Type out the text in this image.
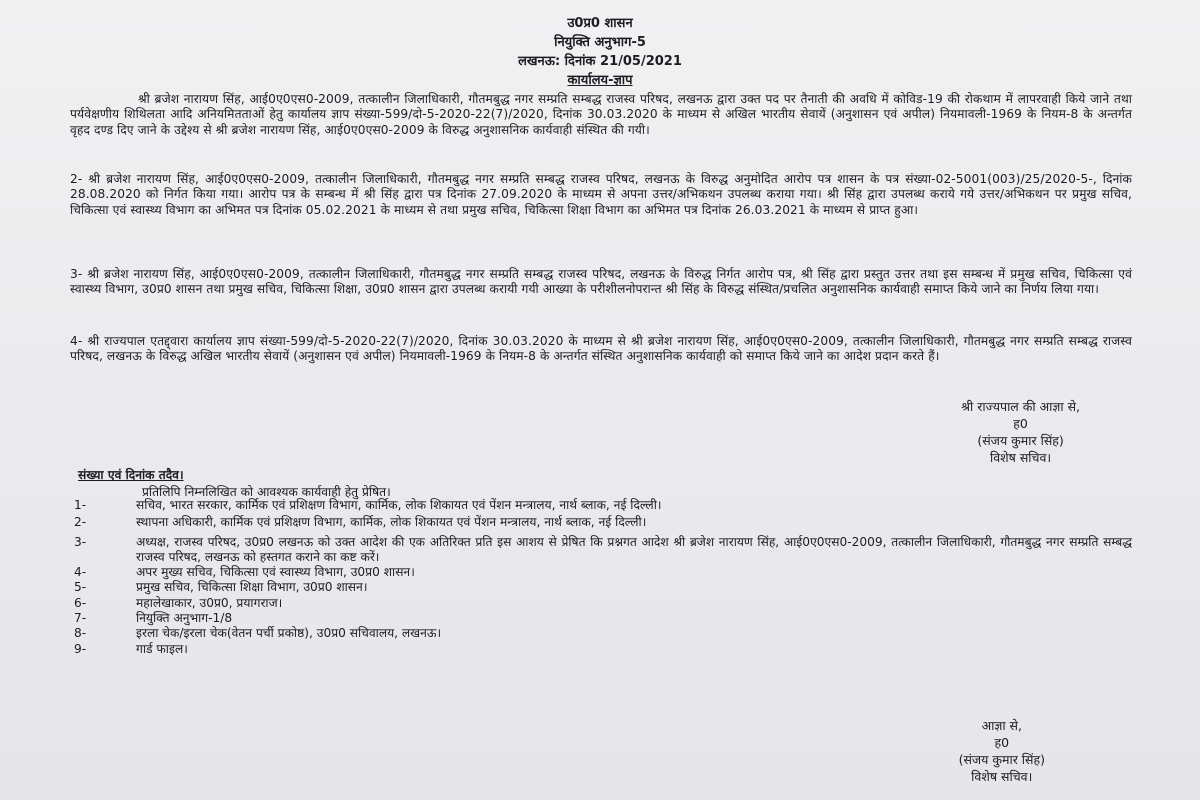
उ0प्र0 शासन
नियुक्ति अनुभाग-5
लखनऊ: दिनांक 21/05/2021
कार्यालय-ज्ञाप
श्री ब्रजेश नारायण सिंह, आई0ए0एस0-2009, तत्कालीन जिलाधिकारी, गौतमबुद्ध नगर सम्प्रति सम्बद्ध राजस्व परिषद, लखनऊ द्वारा उक्त पद पर तैनाती की अवधि में कोविड-19 की रोकथाम में लापरवाही किये जाने तथा पर्यवेक्षणीय शिथिलता आदि अनियमितताओं हेतु कार्यालय ज्ञाप संख्या-599/दो-5-2020-22(7)/2020, दिनांक 30.03.2020 के माध्यम से अखिल भारतीय सेवायें (अनुशासन एवं अपील) नियमावली-1969 के नियम-8 के अन्तर्गत वृहद दण्ड दिए जाने के उद्देश्य से श्री ब्रजेश नारायण सिंह, आई0ए0एस0-2009 के विरुद्ध अनुशासनिक कार्यवाही संस्थित की गयी।
2- श्री ब्रजेश नारायण सिंह, आई0ए0एस0-2009, तत्कालीन जिलाधिकारी, गौतमबुद्ध नगर सम्प्रति सम्बद्ध राजस्व परिषद, लखनऊ के विरुद्ध अनुमोदित आरोप पत्र शासन के पत्र संख्या-02-5001(003)/25/2020-5-, दिनांक 28.08.2020 को निर्गत किया गया। आरोप पत्र के सम्बन्ध में श्री सिंह द्वारा पत्र दिनांक 27.09.2020 के माध्यम से अपना उत्तर/अभिकथन उपलब्ध कराया गया। श्री सिंह द्वारा उपलब्ध कराये गये उत्तर/अभिकथन पर प्रमुख सचिव, चिकित्सा एवं स्वास्थ्य विभाग का अभिमत पत्र दिनांक 05.02.2021 के माध्यम से तथा प्रमुख सचिव, चिकित्सा शिक्षा विभाग का अभिमत पत्र दिनांक 26.03.2021 के माध्यम से प्राप्त हुआ।
3- श्री ब्रजेश नारायण सिंह, आई0ए0एस0-2009, तत्कालीन जिलाधिकारी, गौतमबुद्ध नगर सम्प्रति सम्बद्ध राजस्व परिषद, लखनऊ के विरुद्ध निर्गत आरोप पत्र, श्री सिंह द्वारा प्रस्तुत उत्तर तथा इस सम्बन्ध में प्रमुख सचिव, चिकित्सा एवं स्वास्थ्य विभाग, उ0प्र0 शासन तथा प्रमुख सचिव, चिकित्सा शिक्षा, उ0प्र0 शासन द्वारा उपलब्ध करायी गयी आख्या के परीशीलनोपरान्त श्री सिंह के विरुद्ध संस्थित/प्रचलित अनुशासनिक कार्यवाही समाप्त किये जाने का निर्णय लिया गया।
4- श्री राज्यपाल एतद्द्वारा कार्यालय ज्ञाप संख्या-599/दो-5-2020-22(7)/2020, दिनांक 30.03.2020 के माध्यम से श्री ब्रजेश नारायण सिंह, आई0ए0एस0-2009, तत्कालीन जिलाधिकारी, गौतमबुद्ध नगर सम्प्रति सम्बद्ध राजस्व परिषद, लखनऊ के विरुद्ध अखिल भारतीय सेवायें (अनुशासन एवं अपील) नियमावली-1969 के नियम-8 के अन्तर्गत संस्थित अनुशासनिक कार्यवाही को समाप्त किये जाने का आदेश प्रदान करते हैं।
श्री राज्यपाल की आज्ञा से,
ह0
(संजय कुमार सिंह)
विशेष सचिव।
संख्या एवं दिनांक तदैव।
प्रतिलिपि निम्नलिखित को आवश्यक कार्यवाही हेतु प्रेषित।
1-	सचिव, भारत सरकार, कार्मिक एवं प्रशिक्षण विभाग, कार्मिक, लोक शिकायत एवं पेंशन मन्त्रालय, नार्थ ब्लाक, नई दिल्ली।
2-	स्थापना अधिकारी, कार्मिक एवं प्रशिक्षण विभाग, कार्मिक, लोक शिकायत एवं पेंशन मन्त्रालय, नार्थ ब्लाक, नई दिल्ली।
3-	अध्यक्ष, राजस्व परिषद, उ0प्र0 लखनऊ को उक्त आदेश की एक अतिरिक्त प्रति इस आशय से प्रेषित कि प्रश्नगत आदेश श्री ब्रजेश नारायण सिंह, आई0ए0एस0-2009, तत्कालीन जिलाधिकारी, गौतमबुद्ध नगर सम्प्रति सम्बद्ध राजस्व परिषद, लखनऊ को हस्तगत कराने का कष्ट करें।
4-	अपर मुख्य सचिव, चिकित्सा एवं स्वास्थ्य विभाग, उ0प्र0 शासन।
5-	प्रमुख सचिव, चिकित्सा शिक्षा विभाग, उ0प्र0 शासन।
6-	महालेखाकार, उ0प्र0, प्रयागराज।
7-	नियुक्ति अनुभाग-1/8
8-	इरला चेक/इरला चेक(वेतन पर्ची प्रकोष्ठ), उ0प्र0 सचिवालय, लखनऊ।
9-	गार्ड फाइल।
आज्ञा से,
ह0
(संजय कुमार सिंह)
विशेष सचिव।
